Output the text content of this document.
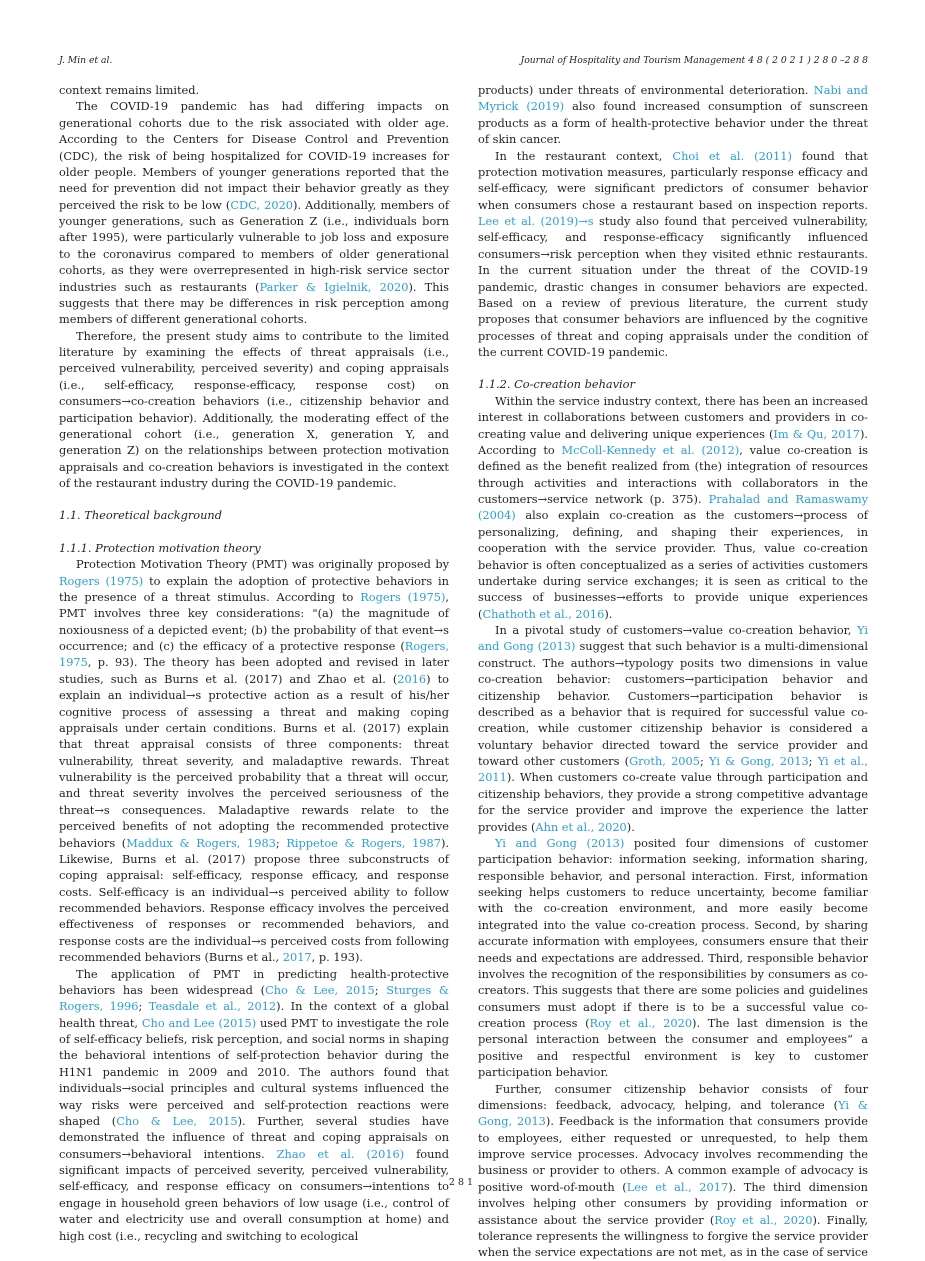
J. Min et al.	Journal of Hospitality and Tourism Management 4 8 ( 2 0 2 1 ) 2 8 0 –2 8 8

context remains limited.

The COVID-19 pandemic has had differing impacts on generational cohorts due to the risk associated with older age. According to the Centers for Disease Control and Prevention (CDC), the risk of being hospitalized for COVID-19 increases for older people. Members of younger generations reported that the need for prevention did not impact their behavior greatly as they perceived the risk to be low (CDC, 2020). Additionally, members of younger generations, such as Generation Z (i.e., individuals born after 1995), were particularly vulnerable to job loss and exposure to the coronavirus compared to members of older generational cohorts, as they were overrepresented in high-risk service sector industries such as restaurants (Parker & Igielnik, 2020). This suggests that there may be differences in risk perception among members of different generational cohorts.

Therefore, the present study aims to contribute to the limited literature by examining the effects of threat appraisals (i.e., perceived vulnerability, perceived severity) and coping appraisals (i.e., self-efficacy, response-efficacy, response cost) on consumers→co-creation behaviors (i.e., citizenship behavior and participation behavior). Additionally, the moderating effect of the generational cohort (i.e., generation X, generation Y, and generation Z) on the relationships between protection motivation appraisals and co-creation behaviors is investigated in the context of the restaurant industry during the COVID-19 pandemic.

1.1. Theoretical background
1.1.1. Protection motivation theory

Protection Motivation Theory (PMT) was originally proposed by Rogers (1975) to explain the adoption of protective behaviors in the presence of a threat stimulus. According to Rogers (1975), PMT involves three key considerations: "(a) the magnitude of noxiousness of a depicted event; (b) the probability of that event→s occurrence; and (c) the efficacy of a protective response (Rogers, 1975, p. 93). The theory has been adopted and revised in later studies, such as Burns et al. (2017) and Zhao et al. (2016) to explain an individual→s protective action as a result of his/her cognitive process of assessing a threat and making coping appraisals under certain conditions. Burns et al. (2017) explain that threat appraisal consists of three components: threat vulnerability, threat severity, and maladaptive rewards. Threat vulnerability is the perceived probability that a threat will occur, and threat severity involves the perceived seriousness of the threat→s consequences. Maladaptive rewards relate to the perceived benefits of not adopting the recommended protective behaviors (Maddux & Rogers, 1983; Rippetoe & Rogers, 1987). Likewise, Burns et al. (2017) propose three subconstructs of coping appraisal: self-efficacy, response efficacy, and response costs. Self-efficacy is an individual→s perceived ability to follow recommended behaviors. Response efficacy involves the perceived effectiveness of responses or recommended behaviors, and response costs are the individual→s perceived costs from following recommended behaviors (Burns et al., 2017, p. 193).

The application of PMT in predicting health-protective behaviors has been widespread (Cho & Lee, 2015; Sturges & Rogers, 1996; Teasdale et al., 2012). In the context of a global health threat, Cho and Lee (2015) used PMT to investigate the role of self-efficacy beliefs, risk perception, and social norms in shaping the behavioral intentions of self-protection behavior during the H1N1 pandemic in 2009 and 2010. The authors found that individuals→social principles and cultural systems influenced the way risks were perceived and self-protection reactions were shaped (Cho & Lee, 2015). Further, several studies have demonstrated the influence of threat and coping appraisals on consumers→behavioral intentions. Zhao et al. (2016) found significant impacts of perceived severity, perceived vulnerability, self-efficacy, and response efficacy on consumers→intentions to engage in household green behaviors of low usage (i.e., control of water and electricity use and overall consumption at home) and high cost (i.e., recycling and switching to ecological

products) under threats of environmental deterioration. Nabi and Myrick (2019) also found increased consumption of sunscreen products as a form of health-protective behavior under the threat of skin cancer.

In the restaurant context, Choi et al. (2011) found that protection motivation measures, particularly response efficacy and self-efficacy, were significant predictors of consumer behavior when consumers chose a restaurant based on inspection reports. Lee et al. (2019)→s study also found that perceived vulnerability, self-efficacy, and response-efficacy significantly influenced consumers→risk perception when they visited ethnic restaurants. In the current situation under the threat of the COVID-19 pandemic, drastic changes in consumer behaviors are expected. Based on a review of previous literature, the current study proposes that consumer behaviors are influenced by the cognitive processes of threat and coping appraisals under the condition of the current COVID-19 pandemic.

1.1.2. Co-creation behavior

Within the service industry context, there has been an increased interest in collaborations between customers and providers in co-creating value and delivering unique experiences (Im & Qu, 2017). According to McColl-Kennedy et al. (2012), value co-creation is defined as the benefit realized from (the) integration of resources through activities and interactions with collaborators in the customers→service network (p. 375). Prahalad and Ramaswamy (2004) also explain co-creation as the customers→process of personalizing, defining, and shaping their experiences, in cooperation with the service provider. Thus, value co-creation behavior is often conceptualized as a series of activities customers undertake during service exchanges; it is seen as critical to the success of businesses→efforts to provide unique experiences (Chathoth et al., 2016).

In a pivotal study of customers→value co-creation behavior, Yi and Gong (2013) suggest that such behavior is a multi-dimensional construct. The authors→typology posits two dimensions in value co-creation behavior: customers→participation behavior and citizenship behavior. Customers→participation behavior is described as a behavior that is required for successful value co-creation, while customer citizenship behavior is considered a voluntary behavior directed toward the service provider and toward other customers (Groth, 2005; Yi & Gong, 2013; Yi et al., 2011). When customers co-create value through participation and citizenship behaviors, they provide a strong competitive advantage for the service provider and improve the experience the latter provides (Ahn et al., 2020).

Yi and Gong (2013) posited four dimensions of customer participation behavior: information seeking, information sharing, responsible behavior, and personal interaction. First, information seeking helps customers to reduce uncertainty, become familiar with the co-creation environment, and more easily become integrated into the value co-creation process. Second, by sharing accurate information with employees, consumers ensure that their needs and expectations are addressed. Third, responsible behavior involves the recognition of the responsibilities by consumers as co-creators. This suggests that there are some policies and guidelines consumers must adopt if there is to be a successful value co-creation process (Roy et al., 2020). The last dimension is the personal interaction between the consumer and employees“ a positive and respectful environment is key to customer participation behavior.

Further, consumer citizenship behavior consists of four dimensions: feedback, advocacy, helping, and tolerance (Yi & Gong, 2013). Feedback is the information that consumers provide to employees, either requested or unrequested, to help them improve service processes. Advocacy involves recommending the business or provider to others. A common example of advocacy is positive word-of-mouth (Lee et al., 2017). The third dimension involves helping other consumers by providing information or assistance about the service provider (Roy et al., 2020). Finally, tolerance represents the willingness to forgive the service provider when the service expectations are not met, as in the case of service

281
